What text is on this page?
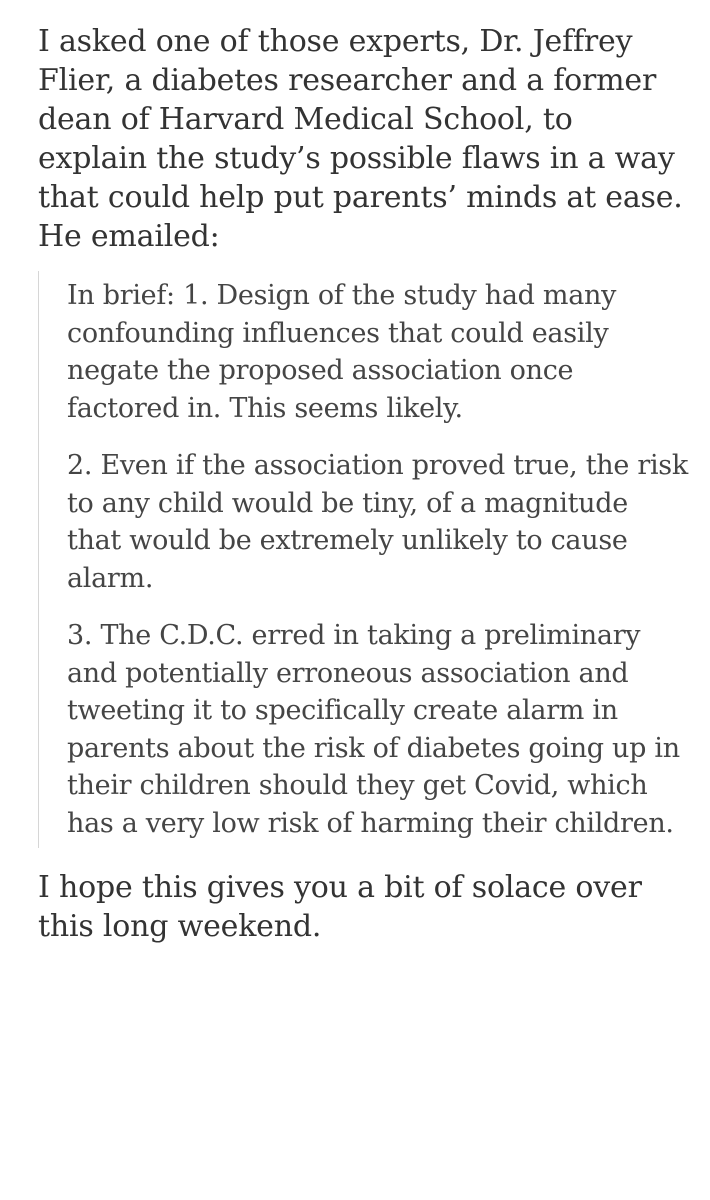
I asked one of those experts, Dr. Jeffrey Flier, a diabetes researcher and a former dean of Harvard Medical School, to explain the study’s possible flaws in a way that could help put parents’ minds at ease. He emailed:

In brief: 1. Design of the study had many confounding influences that could easily negate the proposed association once factored in. This seems likely.

2. Even if the association proved true, the risk to any child would be tiny, of a magnitude that would be extremely unlikely to cause alarm.

3. The C.D.C. erred in taking a preliminary and potentially erroneous association and tweeting it to specifically create alarm in parents about the risk of diabetes going up in their children should they get Covid, which has a very low risk of harming their children.

I hope this gives you a bit of solace over this long weekend.
